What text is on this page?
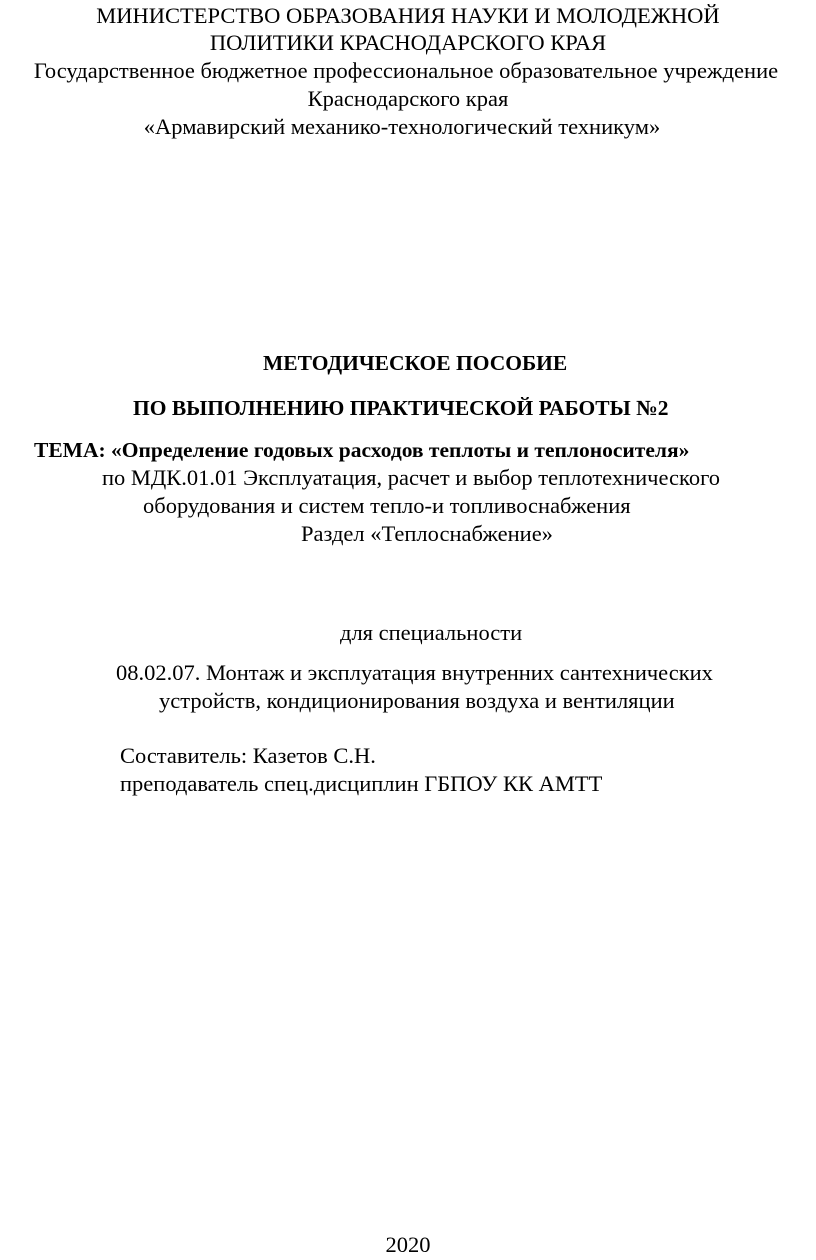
МИНИСТЕРСТВО ОБРАЗОВАНИЯ НАУКИ И МОЛОДЕЖНОЙ
ПОЛИТИКИ КРАСНОДАРСКОГО КРАЯ
Государственное бюджетное профессиональное образовательное учреждение
Краснодарского края
«Армавирский механико-технологический техникум»
МЕТОДИЧЕСКОЕ ПОСОБИЕ
ПО ВЫПОЛНЕНИЮ ПРАКТИЧЕСКОЙ РАБОТЫ №2
ТЕМА: «Определение годовых расходов теплоты и теплоносителя»
по МДК.01.01 Эксплуатация, расчет и выбор теплотехнического
оборудования и систем тепло-и топливоснабжения
Раздел «Теплоснабжение»
для специальности
08.02.07. Монтаж и эксплуатация внутренних сантехнических
устройств, кондиционирования воздуха и вентиляции
Составитель: Казетов С.Н.
преподаватель спец.дисциплин ГБПОУ КК АМТТ
2020
